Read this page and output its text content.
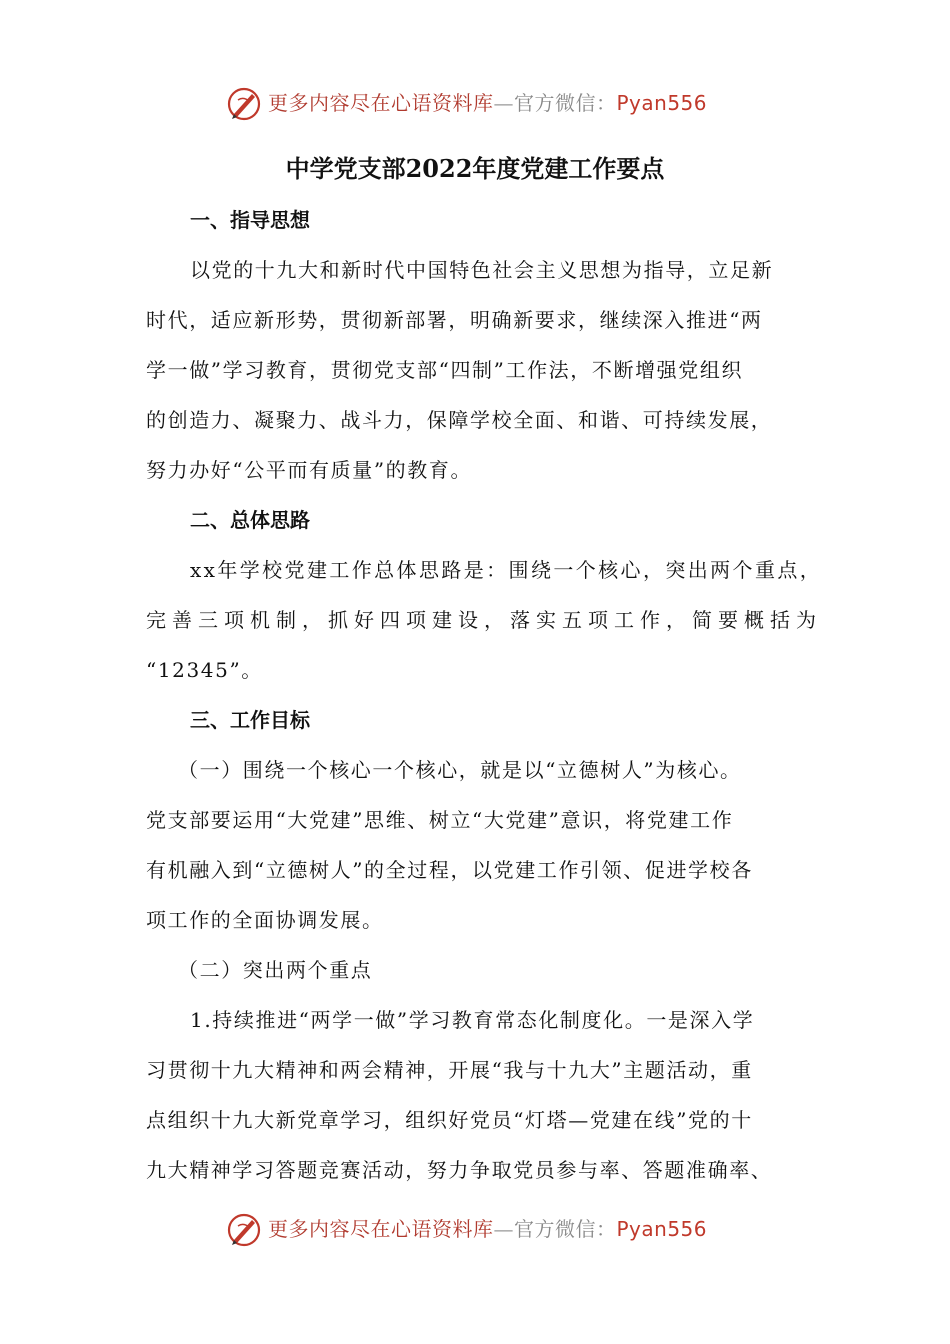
更多内容尽在心语资料库—官方微信：Pyan556
中学党支部2022年度党建工作要点
一、指导思想
以党的十九大和新时代中国特色社会主义思想为指导，立足新
时代，适应新形势，贯彻新部署，明确新要求，继续深入推进“两
学一做”学习教育，贯彻党支部“四制”工作法，不断增强党组织
的创造力、凝聚力、战斗力，保障学校全面、和谐、可持续发展，
努力办好“公平而有质量”的教育。
二、总体思路
xx年学校党建工作总体思路是：围绕一个核心，突出两个重点，
完善三项机制，抓好四项建设，落实五项工作，简要概括为
“12345”。
三、工作目标
（一）围绕一个核心一个核心，就是以“立德树人”为核心。
党支部要运用“大党建”思维、树立“大党建”意识，将党建工作
有机融入到“立德树人”的全过程，以党建工作引领、促进学校各
项工作的全面协调发展。
（二）突出两个重点
1.持续推进“两学一做”学习教育常态化制度化。一是深入学
习贯彻十九大精神和两会精神，开展“我与十九大”主题活动，重
点组织十九大新党章学习，组织好党员“灯塔—党建在线”党的十
九大精神学习答题竞赛活动，努力争取党员参与率、答题准确率、
更多内容尽在心语资料库—官方微信：Pyan556
